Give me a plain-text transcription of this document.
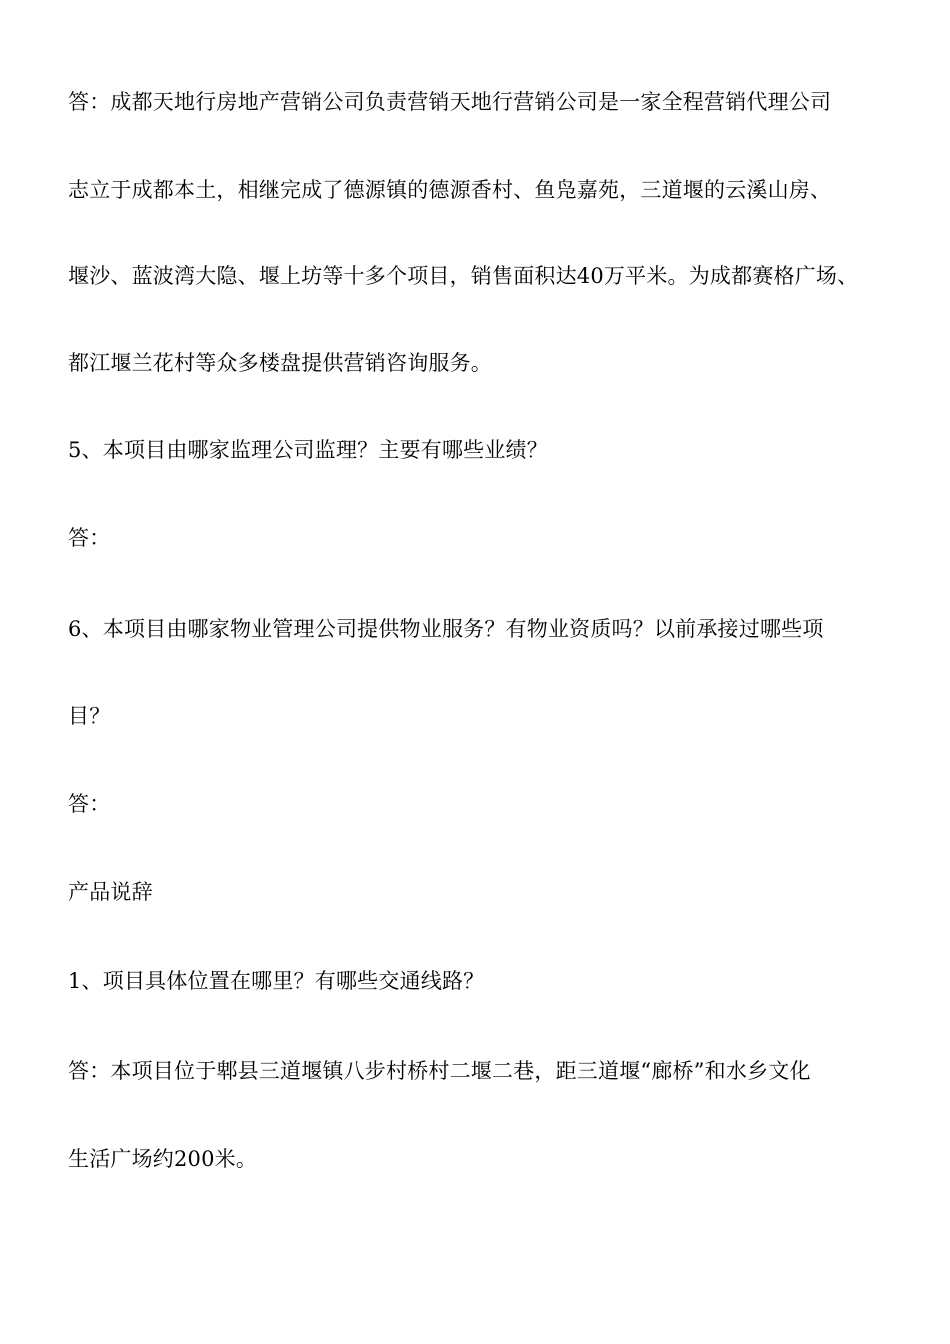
答：成都天地行房地产营销公司负责营销天地行营销公司是一家全程营销代理公司
志立于成都本土，相继完成了德源镇的德源香村、鱼凫嘉苑，三道堰的云溪山房、
堰沙、蓝波湾大隐、堰上坊等十多个项目，销售面积达40万平米。为成都赛格广场、
都江堰兰花村等众多楼盘提供营销咨询服务。
5、本项目由哪家监理公司监理？主要有哪些业绩？
答：
6、本项目由哪家物业管理公司提供物业服务？有物业资质吗？以前承接过哪些项
目？
答：
产品说辞
1、项目具体位置在哪里？有哪些交通线路？
答：本项目位于郫县三道堰镇八步村桥村二堰二巷，距三道堰“廊桥”和水乡文化
生活广场约200米。
